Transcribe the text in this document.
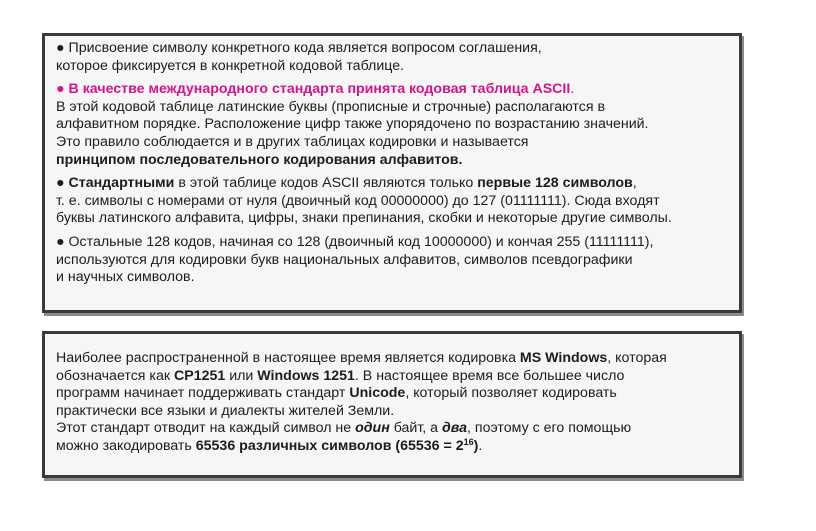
● Присвоение символу конкретного кода является вопросом соглашения,
которое фиксируется в конкретной кодовой таблице.

● В качестве международного стандарта принята кодовая таблица ASCII.
В этой кодовой таблице латинские буквы (прописные и строчные) располагаются в
алфавитном порядке. Расположение цифр также упорядочено по возрастанию значений.
Это правило соблюдается и в других таблицах кодировки и называется
принципом последовательного кодирования алфавитов.

● Стандартными в этой таблице кодов ASCII являются только первые 128 символов,
т. е. символы с номерами от нуля (двоичный код 00000000) до 127 (01111111). Сюда входят
буквы латинского алфавита, цифры, знаки препинания, скобки и некоторые другие символы.

● Остальные 128 кодов, начиная со 128 (двоичный код 10000000) и кончая 255 (11111111),
используются для кодировки букв национальных алфавитов, символов псевдографики
и научных символов.

Наиболее распространенной в настоящее время является кодировка MS Windows, которая
обозначается как CP1251 или Windows 1251. В настоящее время все большее число
программ начинает поддерживать стандарт Unicode, который позволяет кодировать
практически все языки и диалекты жителей Земли.
Этот стандарт отводит на каждый символ не один байт, а два, поэтому с его помощью
можно закодировать 65536 различных символов $(65536 = 2^{16})$.
